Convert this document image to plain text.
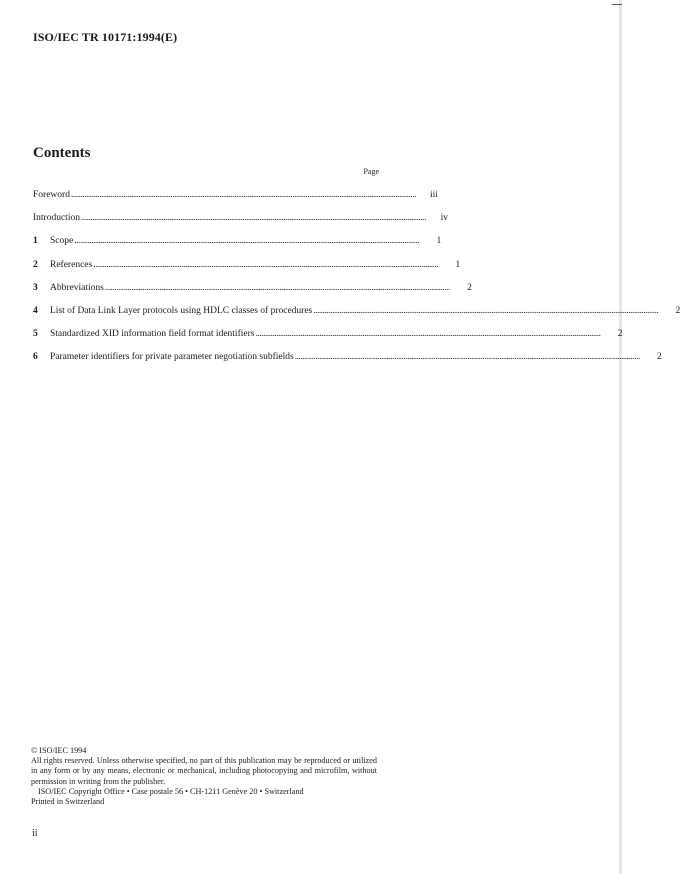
ISO/IEC TR 10171:1994(E)
Contents
Page
Foreword ........................................................................................................................................................................................	iii
Introduction ........................................................................................................................................................................................	iv
1	Scope ........................................................................................................................................................................................	1
2	References ........................................................................................................................................................................................	1
3	Abbreviations ........................................................................................................................................................................................	2
4	List of Data Link Layer protocols using HDLC classes of procedures ........................................................................................................................................................................................	2
5	Standardized XID information field format identifiers ........................................................................................................................................................................................	2
6	Parameter identifiers for private parameter negotiation subfields ........................................................................................................................................................................................	2
© ISO/IEC 1994
All rights reserved. Unless otherwise specified, no part of this publication may be reproduced or utilized in any form or by any means, electronic or mechanical, including photocopying and microfilm, without permission in writing from the publisher.
ISO/IEC Copyright Office • Case postale 56 • CH-1211 Genève 20 • Switzerland
Printed in Switzerland
ii
